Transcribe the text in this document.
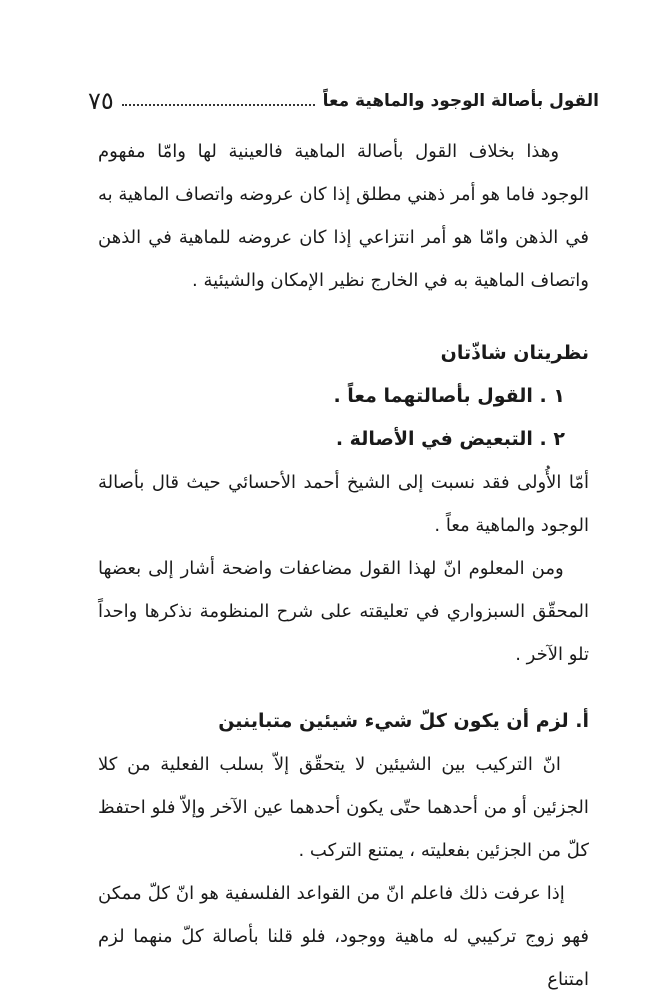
القول بأصالة الوجود والماهية معاً
٧٥

وهذا بخلاف القول بأصالة الماهية فالعينية لها وامّا مفهوم الوجود فاما هو أمر ذهني مطلق إذا كان عروضه واتصاف الماهية به في الذهن وامّا هو أمر انتزاعي إذا كان عروضه للماهية في الذهن واتصاف الماهية به في الخارج نظير الإمكان والشيئية .

نظريتان شاذّتان

١ . القول بأصالتهما معاً .

٢ . التبعيض في الأصالة .

أمّا الأُولى فقد نسبت إلى الشيخ أحمد الأحسائي حيث قال بأصالة الوجود والماهية معاً .

ومن المعلوم انّ لهذا القول مضاعفات واضحة أشار إلى بعضها المحقّق السبزواري في تعليقته على شرح المنظومة نذكرها واحداً تلو الآخر .

أ. لزم أن يكون كلّ شيء شيئين متباينين

انّ التركيب بين الشيئين لا يتحقّق إلاّ بسلب الفعلية من كلا الجزئين أو من أحدهما حتّى يكون أحدهما عين الآخر وإلاّ فلو احتفظ كلّ من الجزئين بفعليته ، يمتنع التركب .

إذا عرفت ذلك فاعلم انّ من القواعد الفلسفية هو انّ كلّ ممكن فهو زوج تركيبي له ماهية ووجود، فلو قلنا بأصالة كلّ منهما لزم امتناع
